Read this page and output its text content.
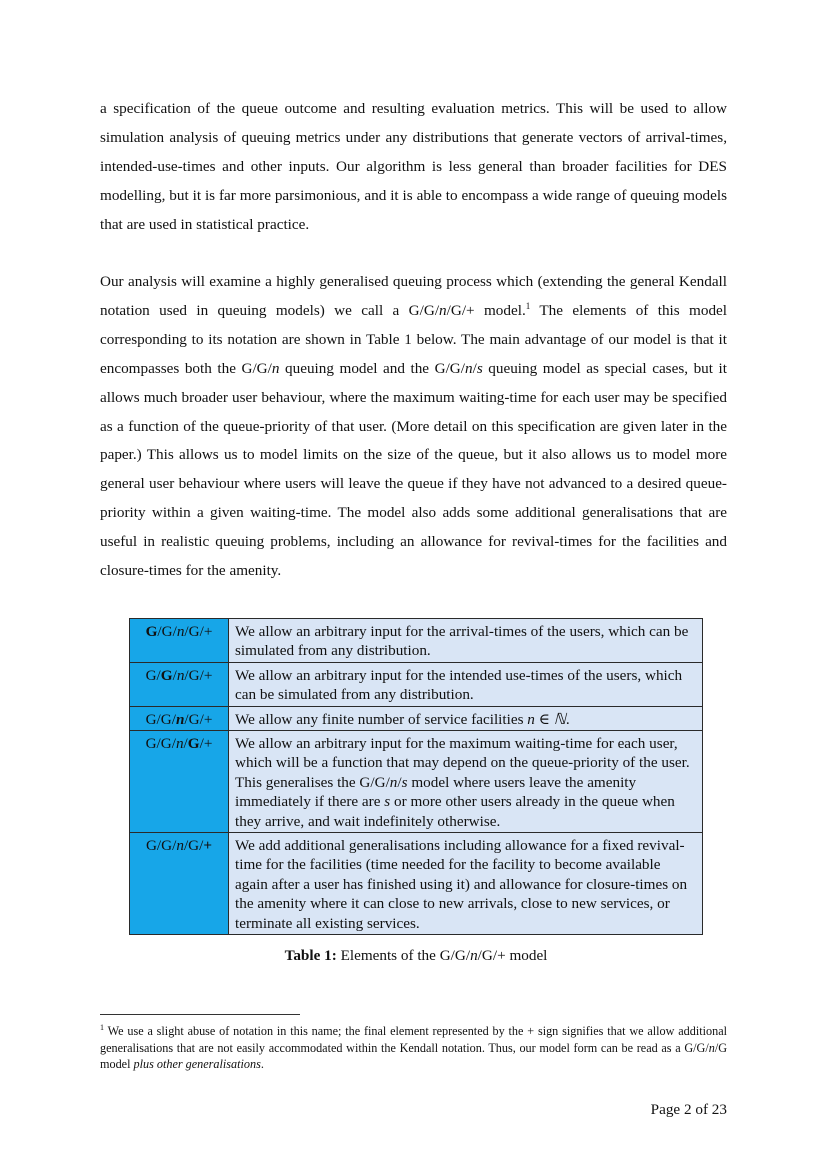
a specification of the queue outcome and resulting evaluation metrics. This will be used to allow simulation analysis of queuing metrics under any distributions that generate vectors of arrival-times, intended-use-times and other inputs. Our algorithm is less general than broader facilities for DES modelling, but it is far more parsimonious, and it is able to encompass a wide range of queuing models that are used in statistical practice.

Our analysis will examine a highly generalised queuing process which (extending the general Kendall notation used in queuing models) we call a G/G/n/G/+ model.$^1$ The elements of this model corresponding to its notation are shown in Table 1 below. The main advantage of our model is that it encompasses both the G/G/n queuing model and the G/G/n/s queuing model as special cases, but it allows much broader user behaviour, where the maximum waiting-time for each user may be specified as a function of the queue-priority of that user. (More detail on this specification are given later in the paper.) This allows us to model limits on the size of the queue, but it also allows us to model more general user behaviour where users will leave the queue if they have not advanced to a desired queue-priority within a given waiting-time. The model also adds some additional generalisations that are useful in realistic queuing problems, including an allowance for revival-times for the facilities and closure-times for the amenity.

G/G/n/G/+	We allow an arbitrary input for the arrival-times of the users, which can be simulated from any distribution.
G/G/n/G/+	We allow an arbitrary input for the intended use-times of the users, which can be simulated from any distribution.
G/G/n/G/+	We allow any finite number of service facilities n ∈ ℕ.
G/G/n/G/+	We allow an arbitrary input for the maximum waiting-time for each user, which will be a function that may depend on the queue-priority of the user. This generalises the G/G/n/s model where users leave the amenity immediately if there are s or more other users already in the queue when they arrive, and wait indefinitely otherwise.
G/G/n/G/+	We add additional generalisations including allowance for a fixed revival-time for the facilities (time needed for the facility to become available again after a user has finished using it) and allowance for closure-times on the amenity where it can close to new arrivals, close to new services, or terminate all existing services.
Table 1: Elements of the G/G/n/G/+ model

$^1$ We use a slight abuse of notation in this name; the final element represented by the + sign signifies that we allow additional generalisations that are not easily accommodated within the Kendall notation. Thus, our model form can be read as a G/G/n/G model plus other generalisations.

Page 2 of 23
